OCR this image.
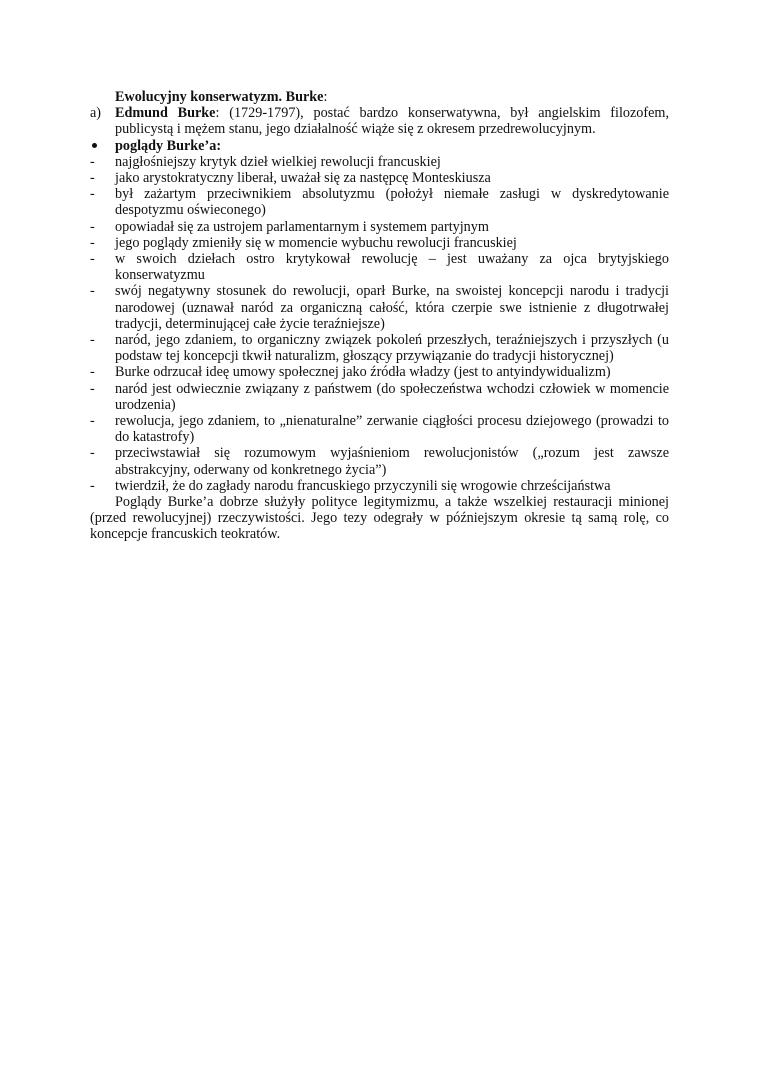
Ewolucyjny konserwatyzm. Burke:
a) Edmund Burke: (1729-1797), postać bardzo konserwatywna, był angielskim filozofem, publicystą i mężem stanu, jego działalność wiąże się z okresem przedrewolucyjnym.
poglądy Burke’a:
- najgłośniejszy krytyk dzieł wielkiej rewolucji francuskiej
- jako arystokratyczny liberał, uważał się za następcę Monteskiusza
- był zażartym przeciwnikiem absolutyzmu (położył niemałe zasługi w dyskredytowanie despotyzmu oświeconego)
- opowiadał się za ustrojem parlamentarnym i systemem partyjnym
- jego poglądy zmieniły się w momencie wybuchu rewolucji francuskiej
- w swoich dziełach ostro krytykował rewolucję – jest uważany za ojca brytyjskiego konserwatyzmu
- swój negatywny stosunek do rewolucji, oparł Burke, na swoistej koncepcji narodu i tradycji narodowej (uznawał naród za organiczną całość, która czerpie swe istnienie z długotrwałej tradycji, determinującej całe życie teraźniejsze)
- naród, jego zdaniem, to organiczny związek pokoleń przeszłych, teraźniejszych i przyszłych (u podstaw tej koncepcji tkwił naturalizm, głoszący przywiązanie do tradycji historycznej)
- Burke odrzucał ideę umowy społecznej jako źródła władzy (jest to antyindywidualizm)
- naród jest odwiecznie związany z państwem (do społeczeństwa wchodzi człowiek w momencie urodzenia)
- rewolucja, jego zdaniem, to „nienaturalne” zerwanie ciągłości procesu dziejowego (prowadzi to do katastrofy)
- przeciwstawiał się rozumowym wyjaśnieniom rewolucjonistów („rozum jest zawsze abstrakcyjny, oderwany od konkretnego życia”)
- twierdził, że do zagłady narodu francuskiego przyczynili się wrogowie chrześcijaństwa
Poglądy Burke’a dobrze służyły polityce legitymizmu, a także wszelkiej restauracji minionej (przed rewolucyjnej) rzeczywistości. Jego tezy odegrały w późniejszym okresie tą samą rolę, co koncepcje francuskich teokratów.
